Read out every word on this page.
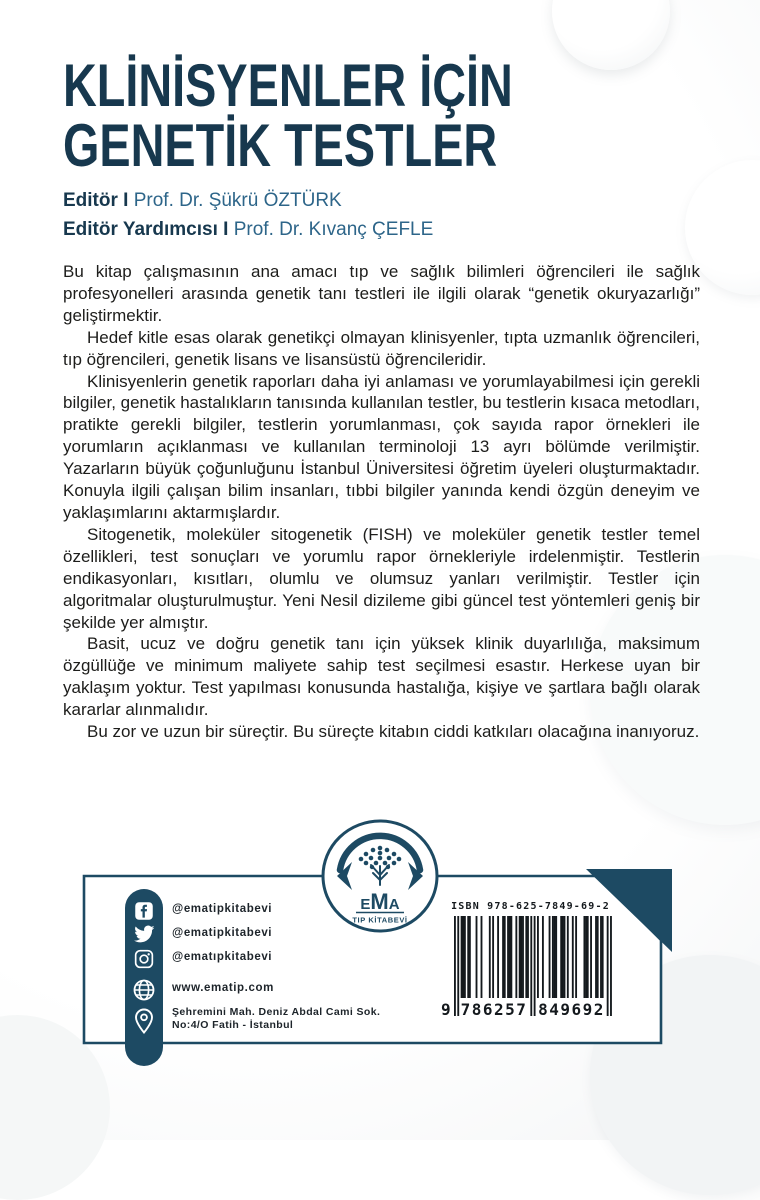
KLİNİSYENLER İÇİN
GENETİK TESTLER
Editör I Prof. Dr. Şükrü ÖZTÜRK
Editör Yardımcısı I Prof. Dr. Kıvanç ÇEFLE

Bu kitap çalışmasının ana amacı tıp ve sağlık bilimleri öğrencileri ile sağlık profesyonelleri arasında genetik tanı testleri ile ilgili olarak “genetik okuryazarlığı” geliştirmektir.

Hedef kitle esas olarak genetikçi olmayan klinisyenler, tıpta uzmanlık öğrencileri, tıp öğrencileri, genetik lisans ve lisansüstü öğrencileridir.

Klinisyenlerin genetik raporları daha iyi anlaması ve yorumlayabilmesi için gerekli bilgiler, genetik hastalıkların tanısında kullanılan testler, bu testlerin kısaca metodları, pratikte gerekli bilgiler, testlerin yorumlanması, çok sayıda rapor örnekleri ile yorumların açıklanması ve kullanılan terminoloji 13 ayrı bölümde verilmiştir. Yazarların büyük çoğunluğunu İstanbul Üniversitesi öğretim üyeleri oluşturmaktadır. Konuyla ilgili çalışan bilim insanları, tıbbi bilgiler yanında kendi özgün deneyim ve yaklaşımlarını aktarmışlardır.

Sitogenetik, moleküler sitogenetik (FISH) ve moleküler genetik testler temel özellikleri, test sonuçları ve yorumlu rapor örnekleriyle irdelenmiştir. Testlerin endikasyonları, kısıtları, olumlu ve olumsuz yanları verilmiştir. Testler için algoritmalar oluşturulmuştur. Yeni Nesil dizileme gibi güncel test yöntemleri geniş bir şekilde yer almıştır.

Basit, ucuz ve doğru genetik tanı için yüksek klinik duyarlılığa, maksimum özgüllüğe ve minimum maliyete sahip test seçilmesi esastır. Herkese uyan bir yaklaşım yoktur. Test yapılması konusunda hastalığa, kişiye ve şartlara bağlı olarak kararlar alınmalıdır.

Bu zor ve uzun bir süreçtir. Bu süreçte kitabın ciddi katkıları olacağına inanıyoruz.

EMA
TIP KİTABEVİ
@ematipkitabevi
@ematipkitabevi
@ematıpkitabevi
www.ematip.com
Şehremini Mah. Deniz Abdal Cami Sok.
No:4/O Fatih - İstanbul
ISBN 978-625-7849-69-2
9 786257 849692
